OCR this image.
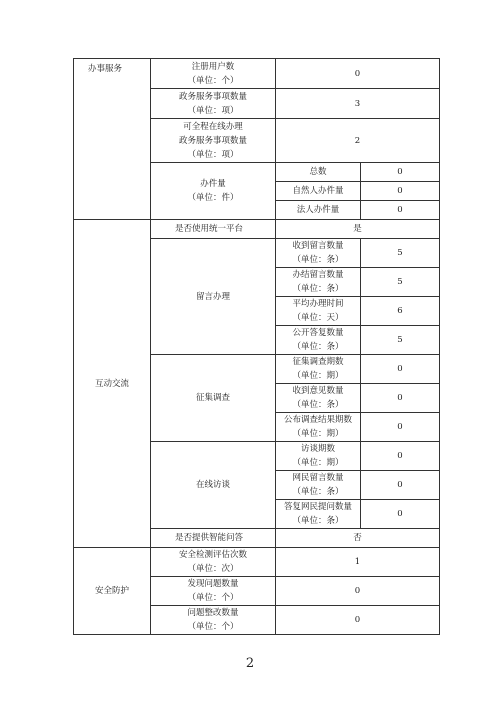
办事服务	注册用户数
（单位：个）	0	

	政务服务事项数量
（单位：项）	3	

	可全程在线办理
政务服务事项数量
（单位：项）	2	

	办件量
（单位：件）	总数	0
		自然人办件量	0
		法人办件量	0

互动交流	是否使用统一平台	是	
	留言办理	收到留言数量
（单位：条）	5

		办结留言数量
（单位：条）	5

		平均办理时间
（单位：天）	6

		公开答复数量
（单位：条）	5
	征集调查	征集调查期数
（单位：期）	0

		收到意见数量
（单位：条）	0

		公布调查结果期数
（单位：期）	0
	在线访谈	访谈期数
（单位：期）	0

		网民留言数量
（单位：条）	0

		答复网民提问数量
（单位：条）	0
	是否提供智能问答	否	
安全防护	安全检测评估次数
（单位：次）	1	

	发现问题数量
（单位：个）	0	

	问题整改数量
（单位：个）	0	
2
